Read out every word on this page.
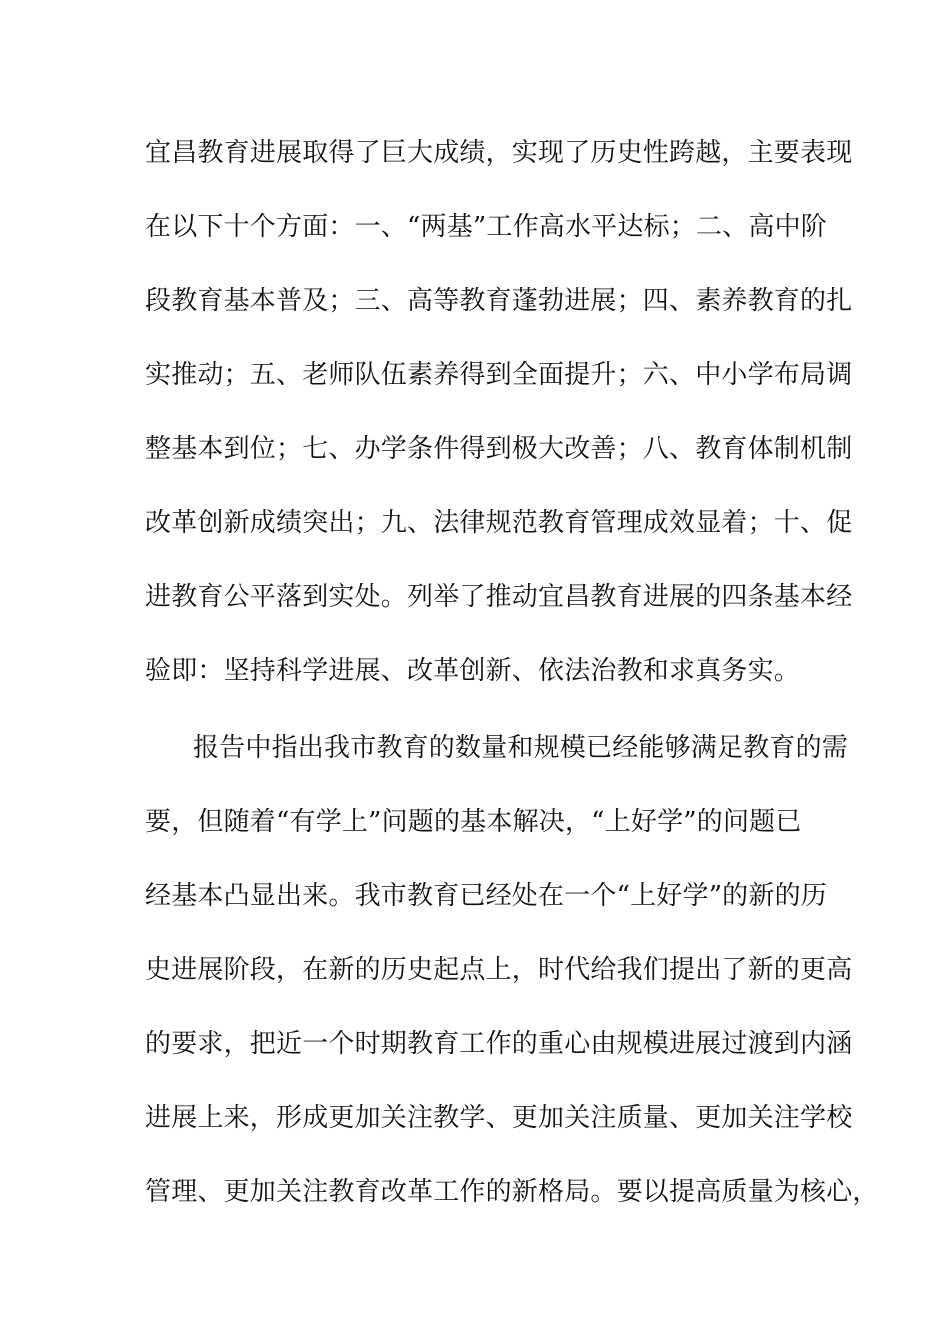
宜昌教育进展取得了巨大成绩，实现了历史性跨越，主要表现
在以下十个方面：一、“两基”工作高水平达标；二、高中阶
段教育基本普及；三、高等教育蓬勃进展；四、素养教育的扎
实推动；五、老师队伍素养得到全面提升；六、中小学布局调
整基本到位；七、办学条件得到极大改善；八、教育体制机制
改革创新成绩突出；九、法律规范教育管理成效显着；十、促
进教育公平落到实处。列举了推动宜昌教育进展的四条基本经
验即：坚持科学进展、改革创新、依法治教和求真务实。
报告中指出我市教育的数量和规模已经能够满足教育的需
要，但随着“有学上”问题的基本解决，“上好学”的问题已
经基本凸显出来。我市教育已经处在一个“上好学”的新的历
史进展阶段，在新的历史起点上，时代给我们提出了新的更高
的要求，把近一个时期教育工作的重心由规模进展过渡到内涵
进展上来，形成更加关注教学、更加关注质量、更加关注学校
管理、更加关注教育改革工作的新格局。要以提高质量为核心，
